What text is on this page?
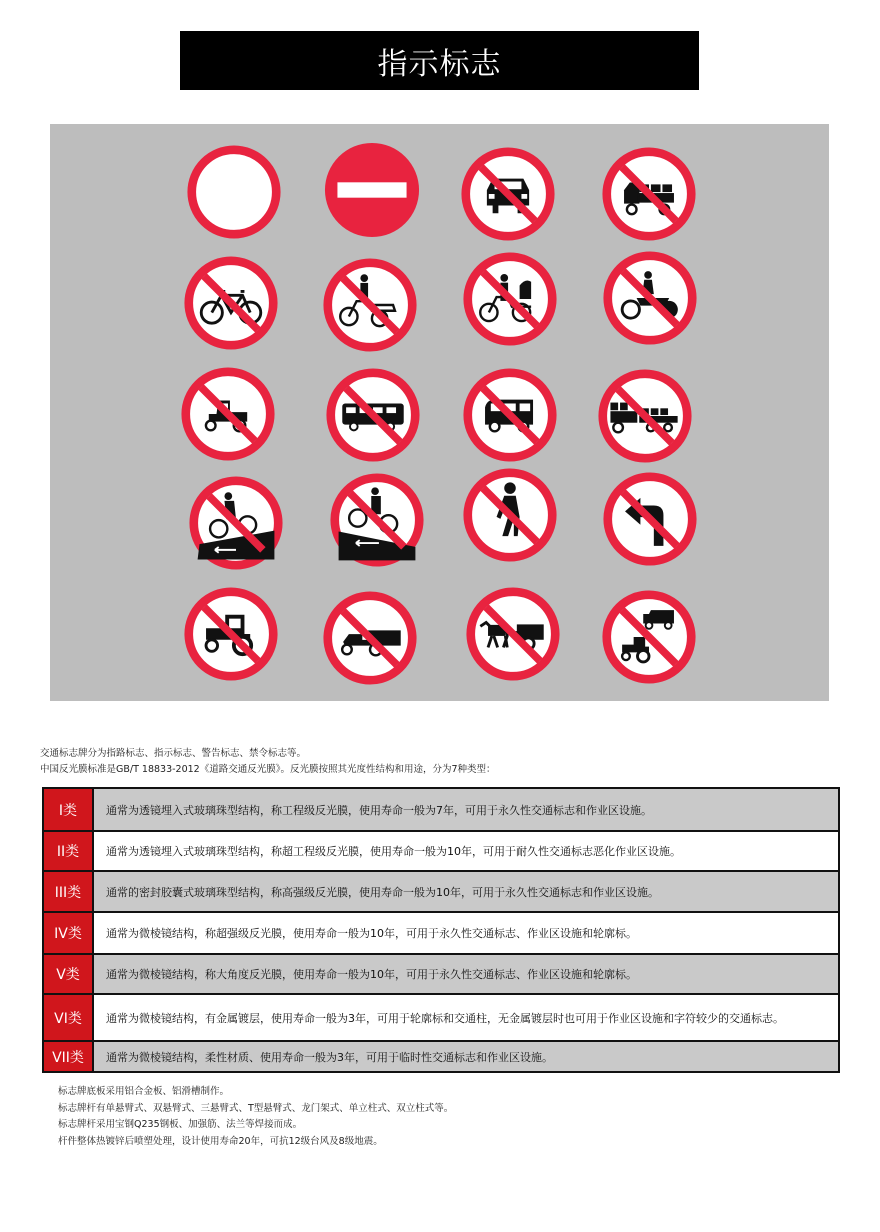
指示标志
交通标志牌分为指路标志、指示标志、警告标志、禁令标志等。
中国反光膜标准是GB/T 18833-2012《道路交通反光膜》。反光膜按照其光度性结构和用途，分为7种类型：
I类	通常为透镜埋入式玻璃珠型结构，称工程级反光膜，使用寿命一般为7年，可用于永久性交通标志和作业区设施。
II类	通常为透镜埋入式玻璃珠型结构，称超工程级反光膜，使用寿命一般为10年，可用于耐久性交通标志恶化作业区设施。
III类	通常的密封胶囊式玻璃珠型结构，称高强级反光膜，使用寿命一般为10年，可用于永久性交通标志和作业区设施。
IV类	通常为微棱镜结构，称超强级反光膜，使用寿命一般为10年，可用于永久性交通标志、作业区设施和轮廓标。
V类	通常为微棱镜结构，称大角度反光膜，使用寿命一般为10年，可用于永久性交通标志、作业区设施和轮廓标。
VI类	通常为微棱镜结构，有金属镀层，使用寿命一般为3年，可用于轮廓标和交通柱，无金属镀层时也可用于作业区设施和字符较少的交通标志。
VII类	通常为微棱镜结构，柔性材质、使用寿命一般为3年，可用于临时性交通标志和作业区设施。
标志牌底板采用铝合金板、铝滑槽制作。
标志牌杆有单悬臂式、双悬臂式、三悬臂式、T型悬臂式、龙门架式、单立柱式、双立柱式等。
标志牌杆采用宝钢Q235钢板、加强筋、法兰等焊接而成。
杆件整体热镀锌后喷塑处理，设计使用寿命20年，可抗12级台风及8级地震。
